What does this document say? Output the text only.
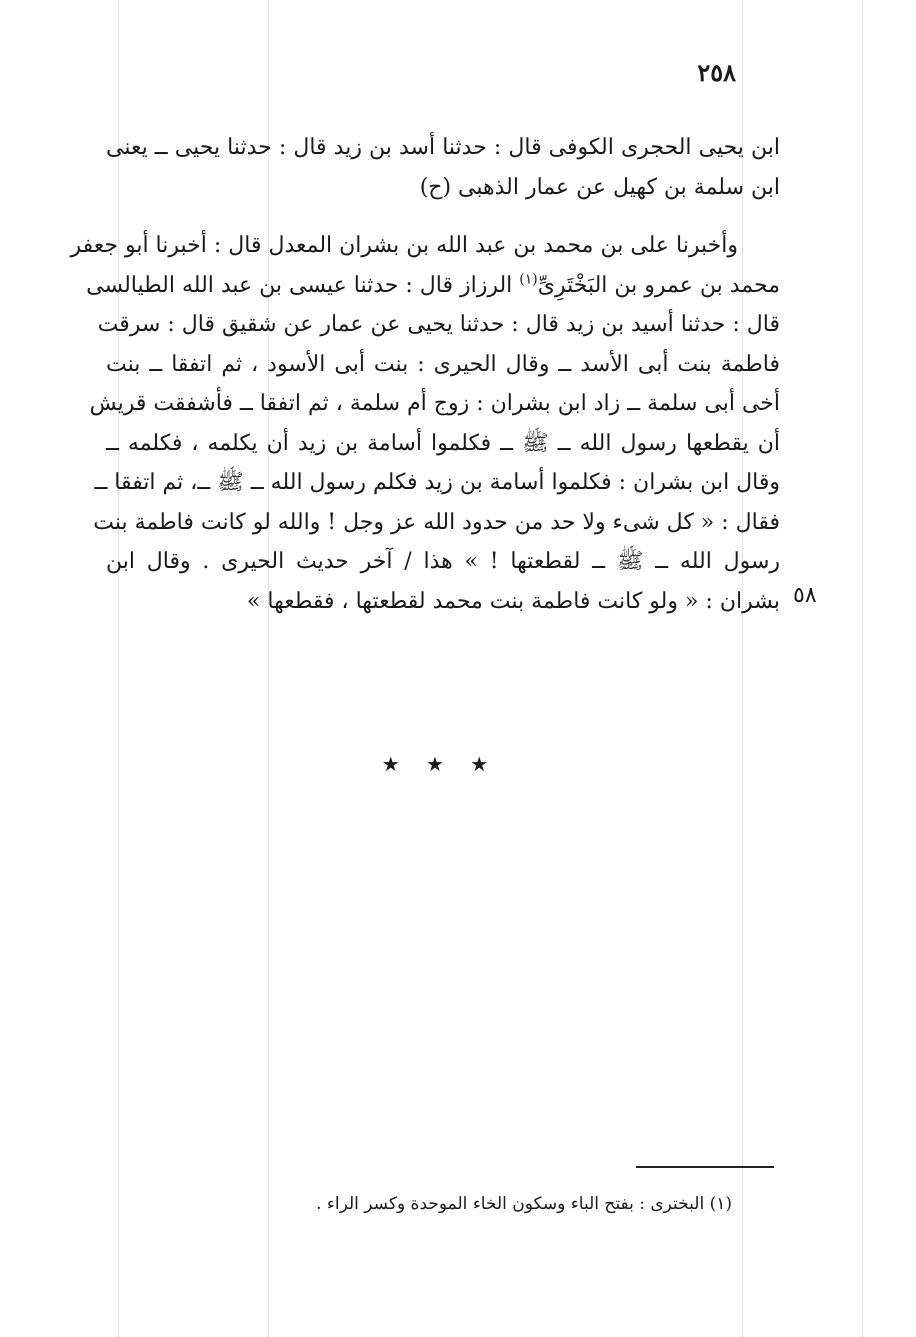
٢٥٨
ابن يحيى الحجرى الكوفى قال : حدثنا أسد بن زيد قال : حدثنا يحيى ــ يعنى
ابن سلمة بن كهيل عن عمار الذهبى (ح)
وأخبرنا على بن محمد بن عبد الله بن بشران المعدل قال : أخبرنا أبو جعفر
محمد بن عمرو بن البَخْتَرِىِّ$^{(١)}$ الرزاز قال : حدثنا عيسى بن عبد الله الطيالسى
قال : حدثنا أسيد بن زيد قال : حدثنا يحيى عن عمار عن شقيق قال : سرقت
فاطمة بنت أبى الأسد ــ وقال الحيرى : بنت أبى الأسود ، ثم اتفقا ــ بنت
أخى أبى سلمة ــ زاد ابن بشران : زوج أم سلمة ، ثم اتفقا ــ فأشفقت قريش
أن يقطعها رسول الله ــ ﷺ ــ فكلموا أسامة بن زيد أن يكلمه ، فكلمه ــ
وقال ابن بشران : فكلموا أسامة بن زيد فكلم رسول الله ــ ﷺ ــ، ثم اتفقا ــ
فقال : « كل شىء ولا حد من حدود الله عز وجل ! والله لو كانت فاطمة بنت
رسول الله ــ ﷺ ــ لقطعتها ! » هذا / آخر حديث الحيرى . وقال ابن
بشران : « ولو كانت فاطمة بنت محمد لقطعتها ، فقطعها » ٥٨
★ ★ ★
(١) البخترى : بفتح الباء وسكون الخاء الموحدة وكسر الراء .
